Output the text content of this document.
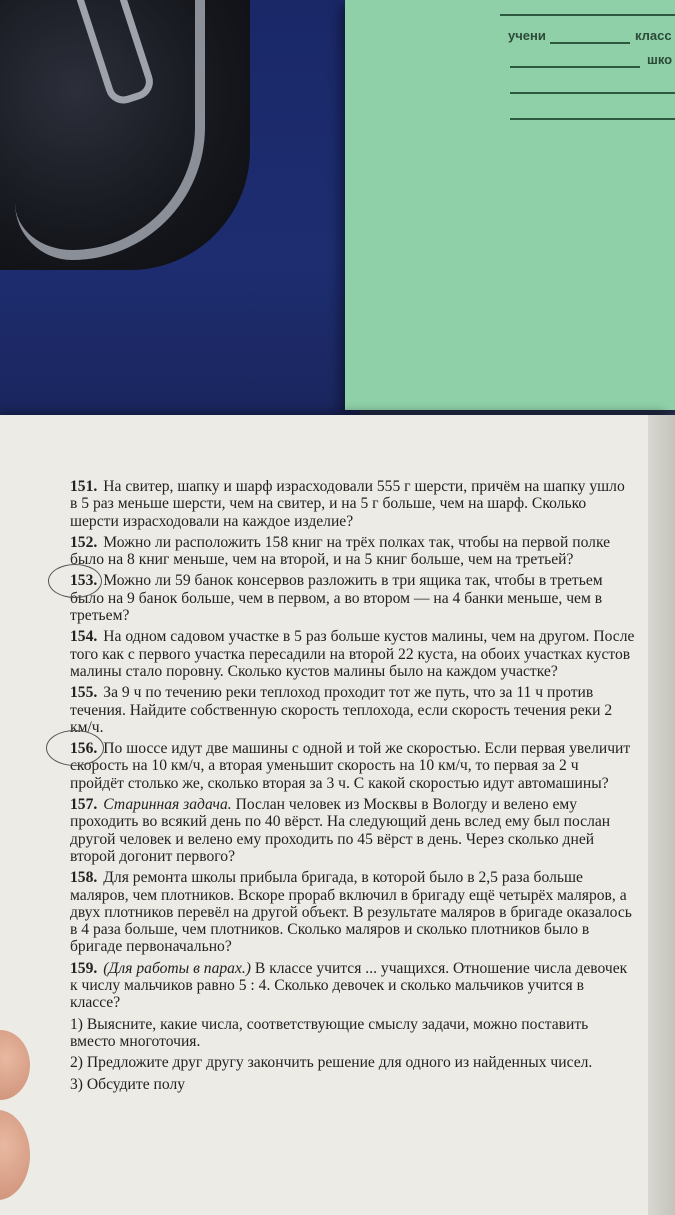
учени	класс
шко
151. На свитер, шапку и шарф израсходовали 555 г шерсти, причём на шапку ушло в 5 раз меньше шерсти, чем на свитер, и на 5 г больше, чем на шарф. Сколько шерсти израсходовали на каждое изделие?
152. Можно ли расположить 158 книг на трёх полках так, чтобы на первой полке было на 8 книг меньше, чем на второй, и на 5 книг больше, чем на третьей?
153. Можно ли 59 банок консервов разложить в три ящика так, чтобы в третьем было на 9 банок больше, чем в первом, а во втором — на 4 банки меньше, чем в третьем?
154. На одном садовом участке в 5 раз больше кустов малины, чем на другом. После того как с первого участка пересадили на второй 22 куста, на обоих участках кустов малины стало поровну. Сколько кустов малины было на каждом участке?
155. За 9 ч по течению реки теплоход проходит тот же путь, что за 11 ч против течения. Найдите собственную скорость теплохода, если скорость течения реки 2 км/ч.
156. По шоссе идут две машины с одной и той же скоростью. Если первая увеличит скорость на 10 км/ч, а вторая уменьшит скорость на 10 км/ч, то первая за 2 ч пройдёт столько же, сколько вторая за 3 ч. С какой скоростью идут автомашины?
157. Старинная задача. Послан человек из Москвы в Вологду и велено ему проходить во всякий день по 40 вёрст. На следующий день вслед ему был послан другой человек и велено ему проходить по 45 вёрст в день. Через сколько дней второй догонит первого?
158. Для ремонта школы прибыла бригада, в которой было в 2,5 раза больше маляров, чем плотников. Вскоре прораб включил в бригаду ещё четырёх маляров, а двух плотников перевёл на другой объект. В результате маляров в бригаде оказалось в 4 раза больше, чем плотников. Сколько маляров и сколько плотников было в бригаде первоначально?
159. (Для работы в парах.) В классе учится ... учащихся. Отношение числа девочек к числу мальчиков равно 5 : 4. Сколько девочек и сколько мальчиков учится в классе?
1) Выясните, какие числа, соответствующие смыслу задачи, можно поставить вместо многоточия.
2) Предложите друг другу закончить решение для одного из найденных чисел.
3) Обсудите полу
